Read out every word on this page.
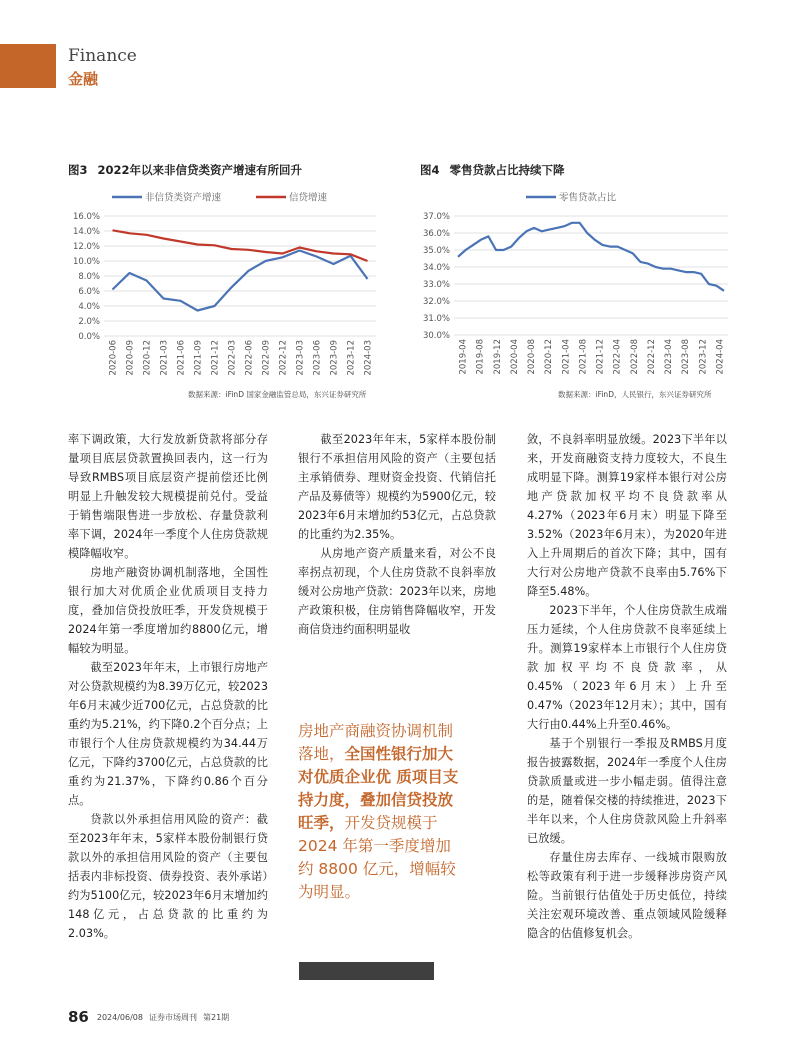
Finance
金融
图3 2022年以来非信贷类资产增速有所回升
16.0%
14.0%
12.0%
10.0%
8.0%
6.0%
4.0%
2.0%
0.0%
2020-06 2020-09 2020-12 2021-03 2021-06 2021-09 2021-12 2022-03 2022-06 2022-09 2022-12 2023-03 2023-06 2023-09 2023-12 2024-03
非信贷类资产增速	信贷增速
数据来源：iFinD 国家金融监管总局，东兴证券研究所
图4 零售贷款占比持续下降
37.0%
36.0%
35.0%
34.0%
33.0%
32.0%
31.0%
30.0%
2019-04 2019-08 2019-12 2020-04 2020-08 2020-12 2021-04 2021-08 2021-12 2022-04 2022-08 2022-12 2023-04 2023-08 2023-12 2024-04
零售贷款占比
数据来源：iFinD，人民银行，东兴证券研究所

率下调政策，大行发放新贷款将部分存量项目底层贷款置换回表内，这一行为导致RMBS项目底层资产提前偿还比例明显上升触发较大规模提前兑付。受益于销售端限售进一步放松、存量贷款利率下调，2024年一季度个人住房贷款规模降幅收窄。

房地产融资协调机制落地，全国性银行加大对优质企业优质项目支持力度，叠加信贷投放旺季，开发贷规模于2024年第一季度增加约8800亿元，增幅较为明显。

截至2023年年末，上市银行房地产对公贷款规模约为8.39万亿元，较2023年6月末减少近700亿元，占总贷款的比重约为5.21%，约下降0.2个百分点；上市银行个人住房贷款规模约为34.44万亿元，下降约3700亿元，占总贷款的比重约为21.37%，下降约0.86个百分点。

贷款以外承担信用风险的资产：截至2023年年末，5家样本股份制银行贷款以外的承担信用风险的资产（主要包括表内非标投资、债券投资、表外承诺）约为5100亿元，较2023年6月末增加约148亿元，占总贷款的比重约为2.03%。

截至2023年年末，5家样本股份制银行不承担信用风险的资产（主要包括主承销债券、理财资金投资、代销信托产品及募债等）规模约为5900亿元，较2023年6月末增加约53亿元，占总贷款的比重约为2.35%。

从房地产资产质量来看，对公不良率拐点初现，个人住房贷款不良斜率放缓对公房地产贷款：2023年以来，房地产政策积极，住房销售降幅收窄，开发商信贷违约面积明显收

房地产商融资协调机制落地，全国性银行加大对优质企业优 质项目支持力度，叠加信贷投放旺季，开发贷规模于2024 年第一季度增加约 8800 亿元，增幅较为明显。

敛，不良斜率明显放缓。2023下半年以来，开发商融资支持力度较大，不良生成明显下降。测算19家样本银行对公房地产贷款加权平均不良贷款率从4.27%（2023年6月末）明显下降至3.52%（2023年6月末），为2020年进入上升周期后的首次下降；其中，国有大行对公房地产贷款不良率由5.76%下降至5.48%。

2023下半年，个人住房贷款生成端压力延续，个人住房贷款不良率延续上升。测算19家样本上市银行个人住房贷款加权平均不良贷款率，从0.45%（2023年6月末）上升至0.47%（2023年12月末）；其中，国有大行由0.44%上升至0.46%。

基于个别银行一季报及RMBS月度报告披露数据，2024年一季度个人住房贷款质量或进一步小幅走弱。值得注意的是，随着保交楼的持续推进，2023下半年以来，个人住房贷款风险上升斜率已放缓。

存量住房去库存、一线城市限购放松等政策有利于进一步缓释涉房资产风险。当前银行估值处于历史低位，持续关注宏观环境改善、重点领域风险缓释隐含的估值修复机会。

86 2024/06/08 证券市场周刊 第21期
